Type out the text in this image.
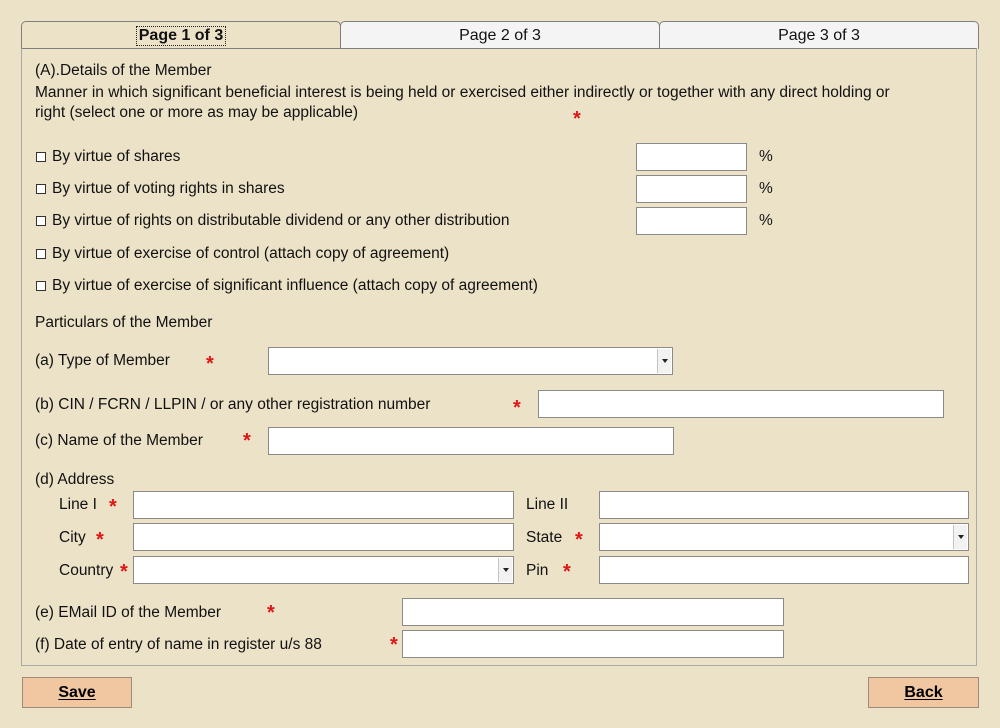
Page 1 of 3	Page 2 of 3	Page 3 of 3
(A).Details of the Member
Manner in which significant beneficial interest is being held or exercised either indirectly or together with any direct holding or
right (select one or more as may be applicable)	*
By virtue of shares	%
By virtue of voting rights in shares	%
By virtue of rights on distributable dividend or any other distribution	%
By virtue of exercise of control (attach copy of agreement)
By virtue of exercise of significant influence (attach copy of agreement)
Particulars of the Member
(a) Type of Member *
(b) CIN / FCRN / LLPIN / or any other registration number	*
(c) Name of the Member *
(d) Address
Line I *	Line II
City *	State *
Country *	Pin *
(e) EMail ID of the Member *
(f) Date of entry of name in register u/s 88	*
Save	Back
